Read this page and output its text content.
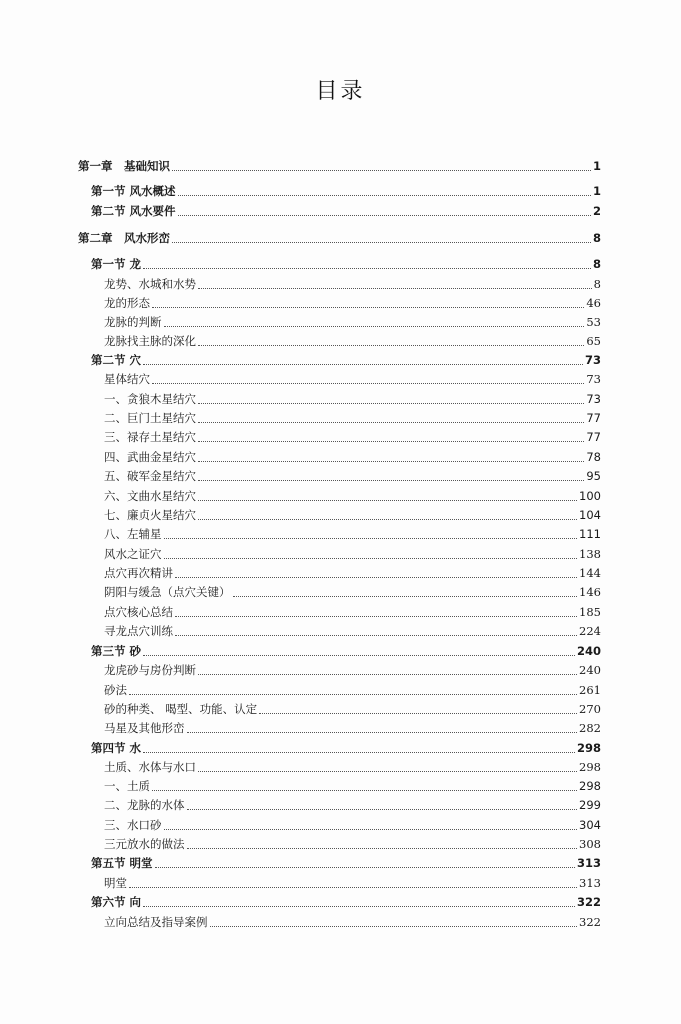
目录
第一章　基础知识	1
第一节 风水概述	1
第二节 风水要件	2
第二章　风水形峦	8
第一节 龙	8
龙势、水城和水势	8
龙的形态	46
龙脉的判断	53
龙脉找主脉的深化	65
第二节 穴	73
星体结穴	73
一、贪狼木星结穴	73
二、巨门土星结穴	77
三、禄存土星结穴	77
四、武曲金星结穴	78
五、破军金星结穴	95
六、文曲水星结穴	100
七、廉贞火星结穴	104
八、左辅星	111
风水之证穴	138
点穴再次精讲	144
阴阳与缓急（点穴关键）	146
点穴核心总结	185
寻龙点穴训练	224
第三节 砂	240
龙虎砂与房份判断	240
砂法	261
砂的种类、 喝型、功能、认定	270
马星及其他形峦	282
第四节 水	298
土质、水体与水口	298
一、土质	298
二、龙脉的水体	299
三、水口砂	304
三元放水的做法	308
第五节 明堂	313
明堂	313
第六节 向	322
立向总结及指导案例	322
